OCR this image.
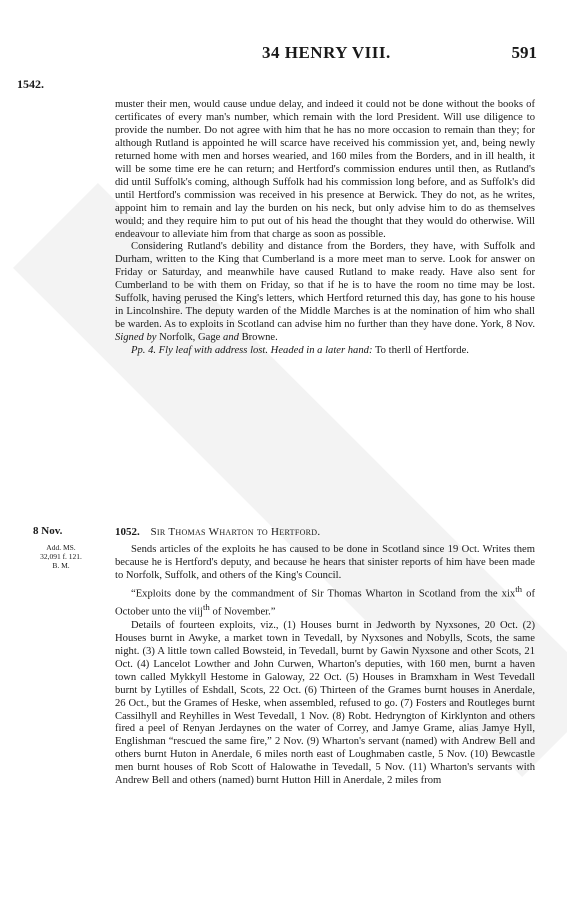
34 HENRY VIII.	591
1542.

muster their men, would cause undue delay, and indeed it could not be done without the books of certificates of every man's number, which remain with the lord President. Will use diligence to provide the number. Do not agree with him that he has no more occasion to remain than they; for although Rutland is appointed he will scarce have received his commission yet, and, being newly returned home with men and horses wearied, and 160 miles from the Borders, and in ill health, it will be some time ere he can return; and Hertford's commission endures until then, as Rutland's did until Suffolk's coming, although Suffolk had his commission long before, and as Suffolk's did until Hertford's commission was received in his presence at Berwick. They do not, as he writes, appoint him to remain and lay the burden on his neck, but only advise him to do as themselves would; and they require him to put out of his head the thought that they would do otherwise. Will endeavour to alleviate him from that charge as soon as possible.

Considering Rutland's debility and distance from the Borders, they have, with Suffolk and Durham, written to the King that Cumberland is a more meet man to serve. Look for answer on Friday or Saturday, and meanwhile have caused Rutland to make ready. Have also sent for Cumberland to be with them on Friday, so that if he is to have the room no time may be lost. Suffolk, having perused the King's letters, which Hertford returned this day, has gone to his house in Lincolnshire. The deputy warden of the Middle Marches is at the nomination of him who shall be warden. As to exploits in Scotland can advise him no further than they have done. York, 8 Nov. Signed by Norfolk, Gage and Browne.

Pp. 4. Fly leaf with address lost. Headed in a later hand: To therll of Hertforde.

8 Nov.
Add. MS.
32,091 f. 121.
B. M.
1052. Sir Thomas Wharton to Hertford.

Sends articles of the exploits he has caused to be done in Scotland since 19 Oct. Writes them because he is Hertford's deputy, and because he hears that sinister reports of him have been made to Norfolk, Suffolk, and others of the King's Council.

“Exploits done by the commandment of Sir Thomas Wharton in Scotland from the xix$^{th}$ of October unto the viij$^{th}$ of November.”

Details of fourteen exploits, viz., (1) Houses burnt in Jedworth by Nyxsones, 20 Oct. (2) Houses burnt in Awyke, a market town in Tevedall, by Nyxsones and Nobylls, Scots, the same night. (3) A little town called Bowsteid, in Tevedall, burnt by Gawin Nyxsone and other Scots, 21 Oct. (4) Lancelot Lowther and John Curwen, Wharton's deputies, with 160 men, burnt a haven town called Mykkyll Hestome in Galoway, 22 Oct. (5) Houses in Bramxham in West Tevedall burnt by Lytilles of Eshdall, Scots, 22 Oct. (6) Thirteen of the Grames burnt houses in Anerdale, 26 Oct., but the Grames of Heske, when assembled, refused to go. (7) Fosters and Routleges burnt Cassilhyll and Reyhilles in West Tevedall, 1 Nov. (8) Robt. Hedryngton of Kirklynton and others fired a peel of Renyan Jerdaynes on the water of Correy, and Jamye Grame, alias Jamye Hyll, Englishman “rescued the same fire,” 2 Nov. (9) Wharton's servant (named) with Andrew Bell and others burnt Huton in Anerdale, 6 miles north east of Loughmaben castle, 5 Nov. (10) Bewcastle men burnt houses of Rob Scott of Halowathe in Tevedall, 5 Nov. (11) Wharton's servants with Andrew Bell and others (named) burnt Hutton Hill in Anerdale, 2 miles from
